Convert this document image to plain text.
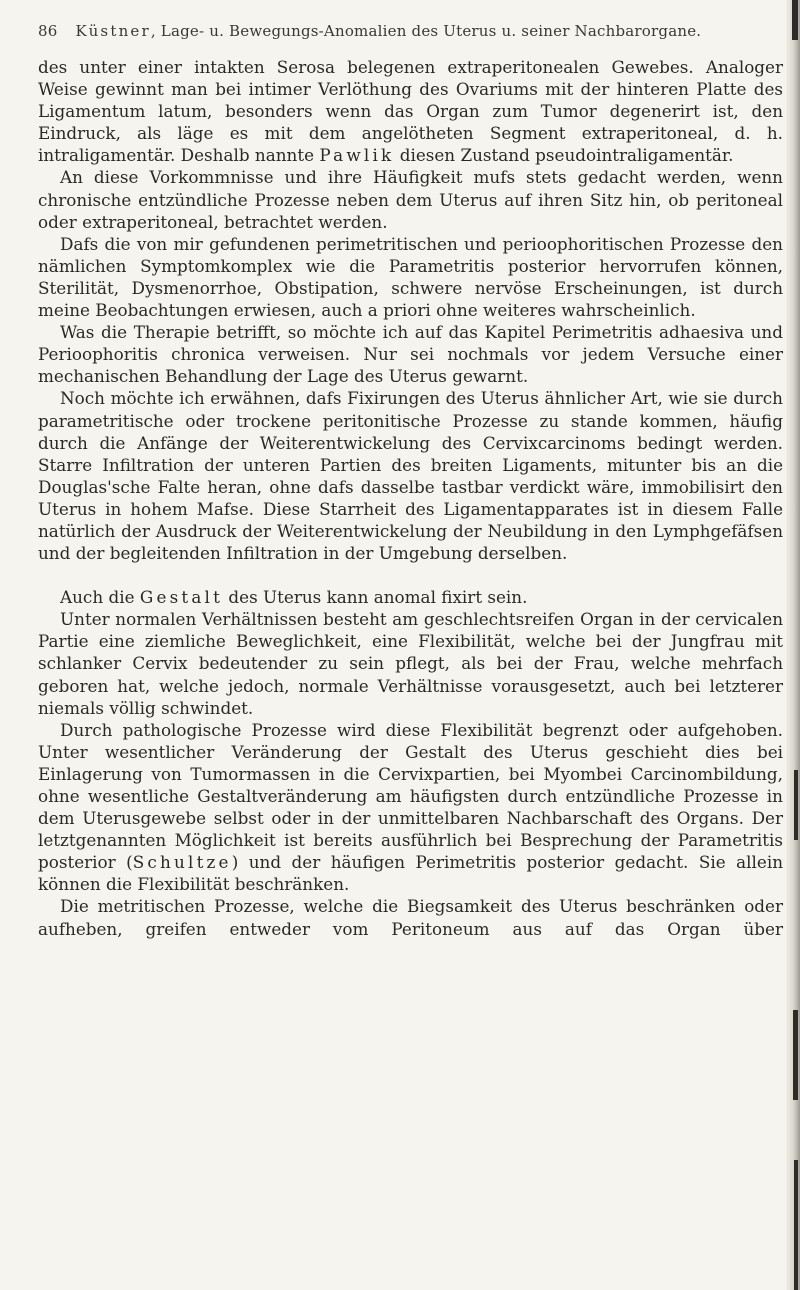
86 Küstner, Lage- u. Bewegungs-Anomalien des Uterus u. seiner Nachbarorgane.

des unter einer intakten Serosa belegenen extraperitonealen Gewebes. Analoger Weise gewinnt man bei intimer Verlöthung des Ovariums mit der hinteren Platte des Ligamentum latum, besonders wenn das Organ zum Tumor degenerirt ist, den Eindruck, als läge es mit dem angelötheten Segment extraperitoneal, d. h. intraligamentär. Deshalb nannte Pawlik diesen Zustand pseudointraligamentär.

An diese Vorkommnisse und ihre Häufigkeit mufs stets gedacht werden, wenn chronische entzündliche Prozesse neben dem Uterus auf ihren Sitz hin, ob peritoneal oder extraperitoneal, betrachtet werden.

Dafs die von mir gefundenen perimetritischen und perioophoritischen Prozesse den nämlichen Symptomkomplex wie die Parametritis posterior hervorrufen können, Sterilität, Dysmenorrhoe, Obstipation, schwere nervöse Erscheinungen, ist durch meine Beobachtungen erwiesen, auch a priori ohne weiteres wahrscheinlich.

Was die Therapie betrifft, so möchte ich auf das Kapitel Perimetritis adhaesiva und Perioophoritis chronica verweisen. Nur sei nochmals vor jedem Versuche einer mechanischen Behandlung der Lage des Uterus gewarnt.

Noch möchte ich erwähnen, dafs Fixirungen des Uterus ähnlicher Art, wie sie durch parametritische oder trockene peritonitische Prozesse zu stande kommen, häufig durch die Anfänge der Weiterentwickelung des Cervixcarcinoms bedingt werden. Starre Infiltration der unteren Partien des breiten Ligaments, mitunter bis an die Douglas'sche Falte heran, ohne dafs dasselbe tastbar verdickt wäre, immobilisirt den Uterus in hohem Mafse. Diese Starrheit des Ligamentapparates ist in diesem Falle natürlich der Ausdruck der Weiterentwickelung der Neubildung in den Lymphgefäfsen und der begleitenden Infiltration in der Umgebung derselben.

Auch die Gestalt des Uterus kann anomal fixirt sein.

Unter normalen Verhältnissen besteht am geschlechtsreifen Organ in der cervicalen Partie eine ziemliche Beweglichkeit, eine Flexibilität, welche bei der Jungfrau mit schlanker Cervix bedeutender zu sein pflegt, als bei der Frau, welche mehrfach geboren hat, welche jedoch, normale Verhältnisse vorausgesetzt, auch bei letzterer niemals völlig schwindet.

Durch pathologische Prozesse wird diese Flexibilität begrenzt oder aufgehoben. Unter wesentlicher Veränderung der Gestalt des Uterus geschieht dies bei Einlagerung von Tumormassen in die Cervixpartien, bei Myombei Carcinombildung, ohne wesentliche Gestaltveränderung am häufigsten durch entzündliche Prozesse in dem Uterusgewebe selbst oder in der unmittelbaren Nachbarschaft des Organs. Der letztgenannten Möglichkeit ist bereits ausführlich bei Besprechung der Parametritis posterior (Schultze) und der häufigen Perimetritis posterior gedacht. Sie allein können die Flexibilität beschränken.

Die metritischen Prozesse, welche die Biegsamkeit des Uterus beschränken oder aufheben, greifen entweder vom Peritoneum aus auf das Organ über
